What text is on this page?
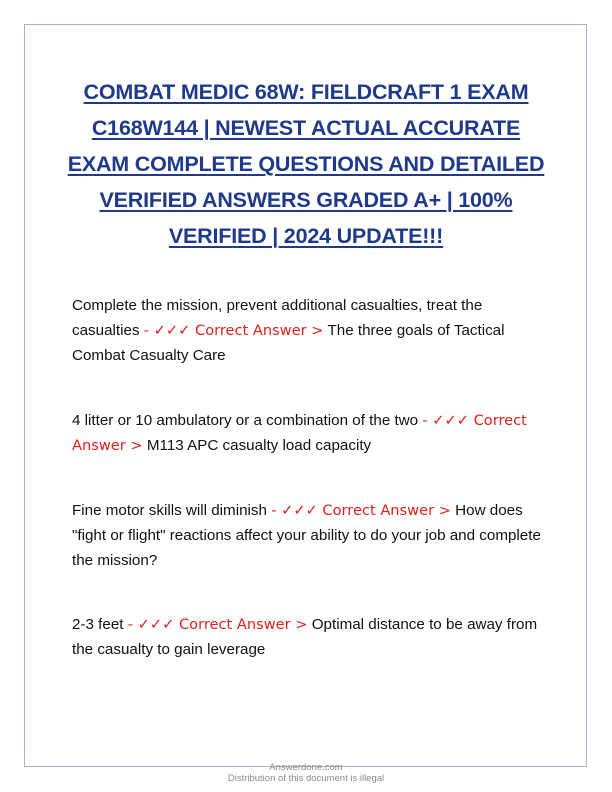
COMBAT MEDIC 68W: FIELDCRAFT 1 EXAM C168W144 | NEWEST ACTUAL ACCURATE EXAM COMPLETE QUESTIONS AND DETAILED VERIFIED ANSWERS GRADED A+ | 100% VERIFIED | 2024 UPDATE!!!
Complete the mission, prevent additional casualties, treat the casualties - ✓✓✓ Correct Answer > The three goals of Tactical Combat Casualty Care
4 litter or 10 ambulatory or a combination of the two - ✓✓✓ Correct Answer > M113 APC casualty load capacity
Fine motor skills will diminish - ✓✓✓ Correct Answer > How does "fight or flight" reactions affect your ability to do your job and complete the mission?
2-3 feet - ✓✓✓ Correct Answer > Optimal distance to be away from the casualty to gain leverage
Answerdone.com
Distribution of this document is illegal
